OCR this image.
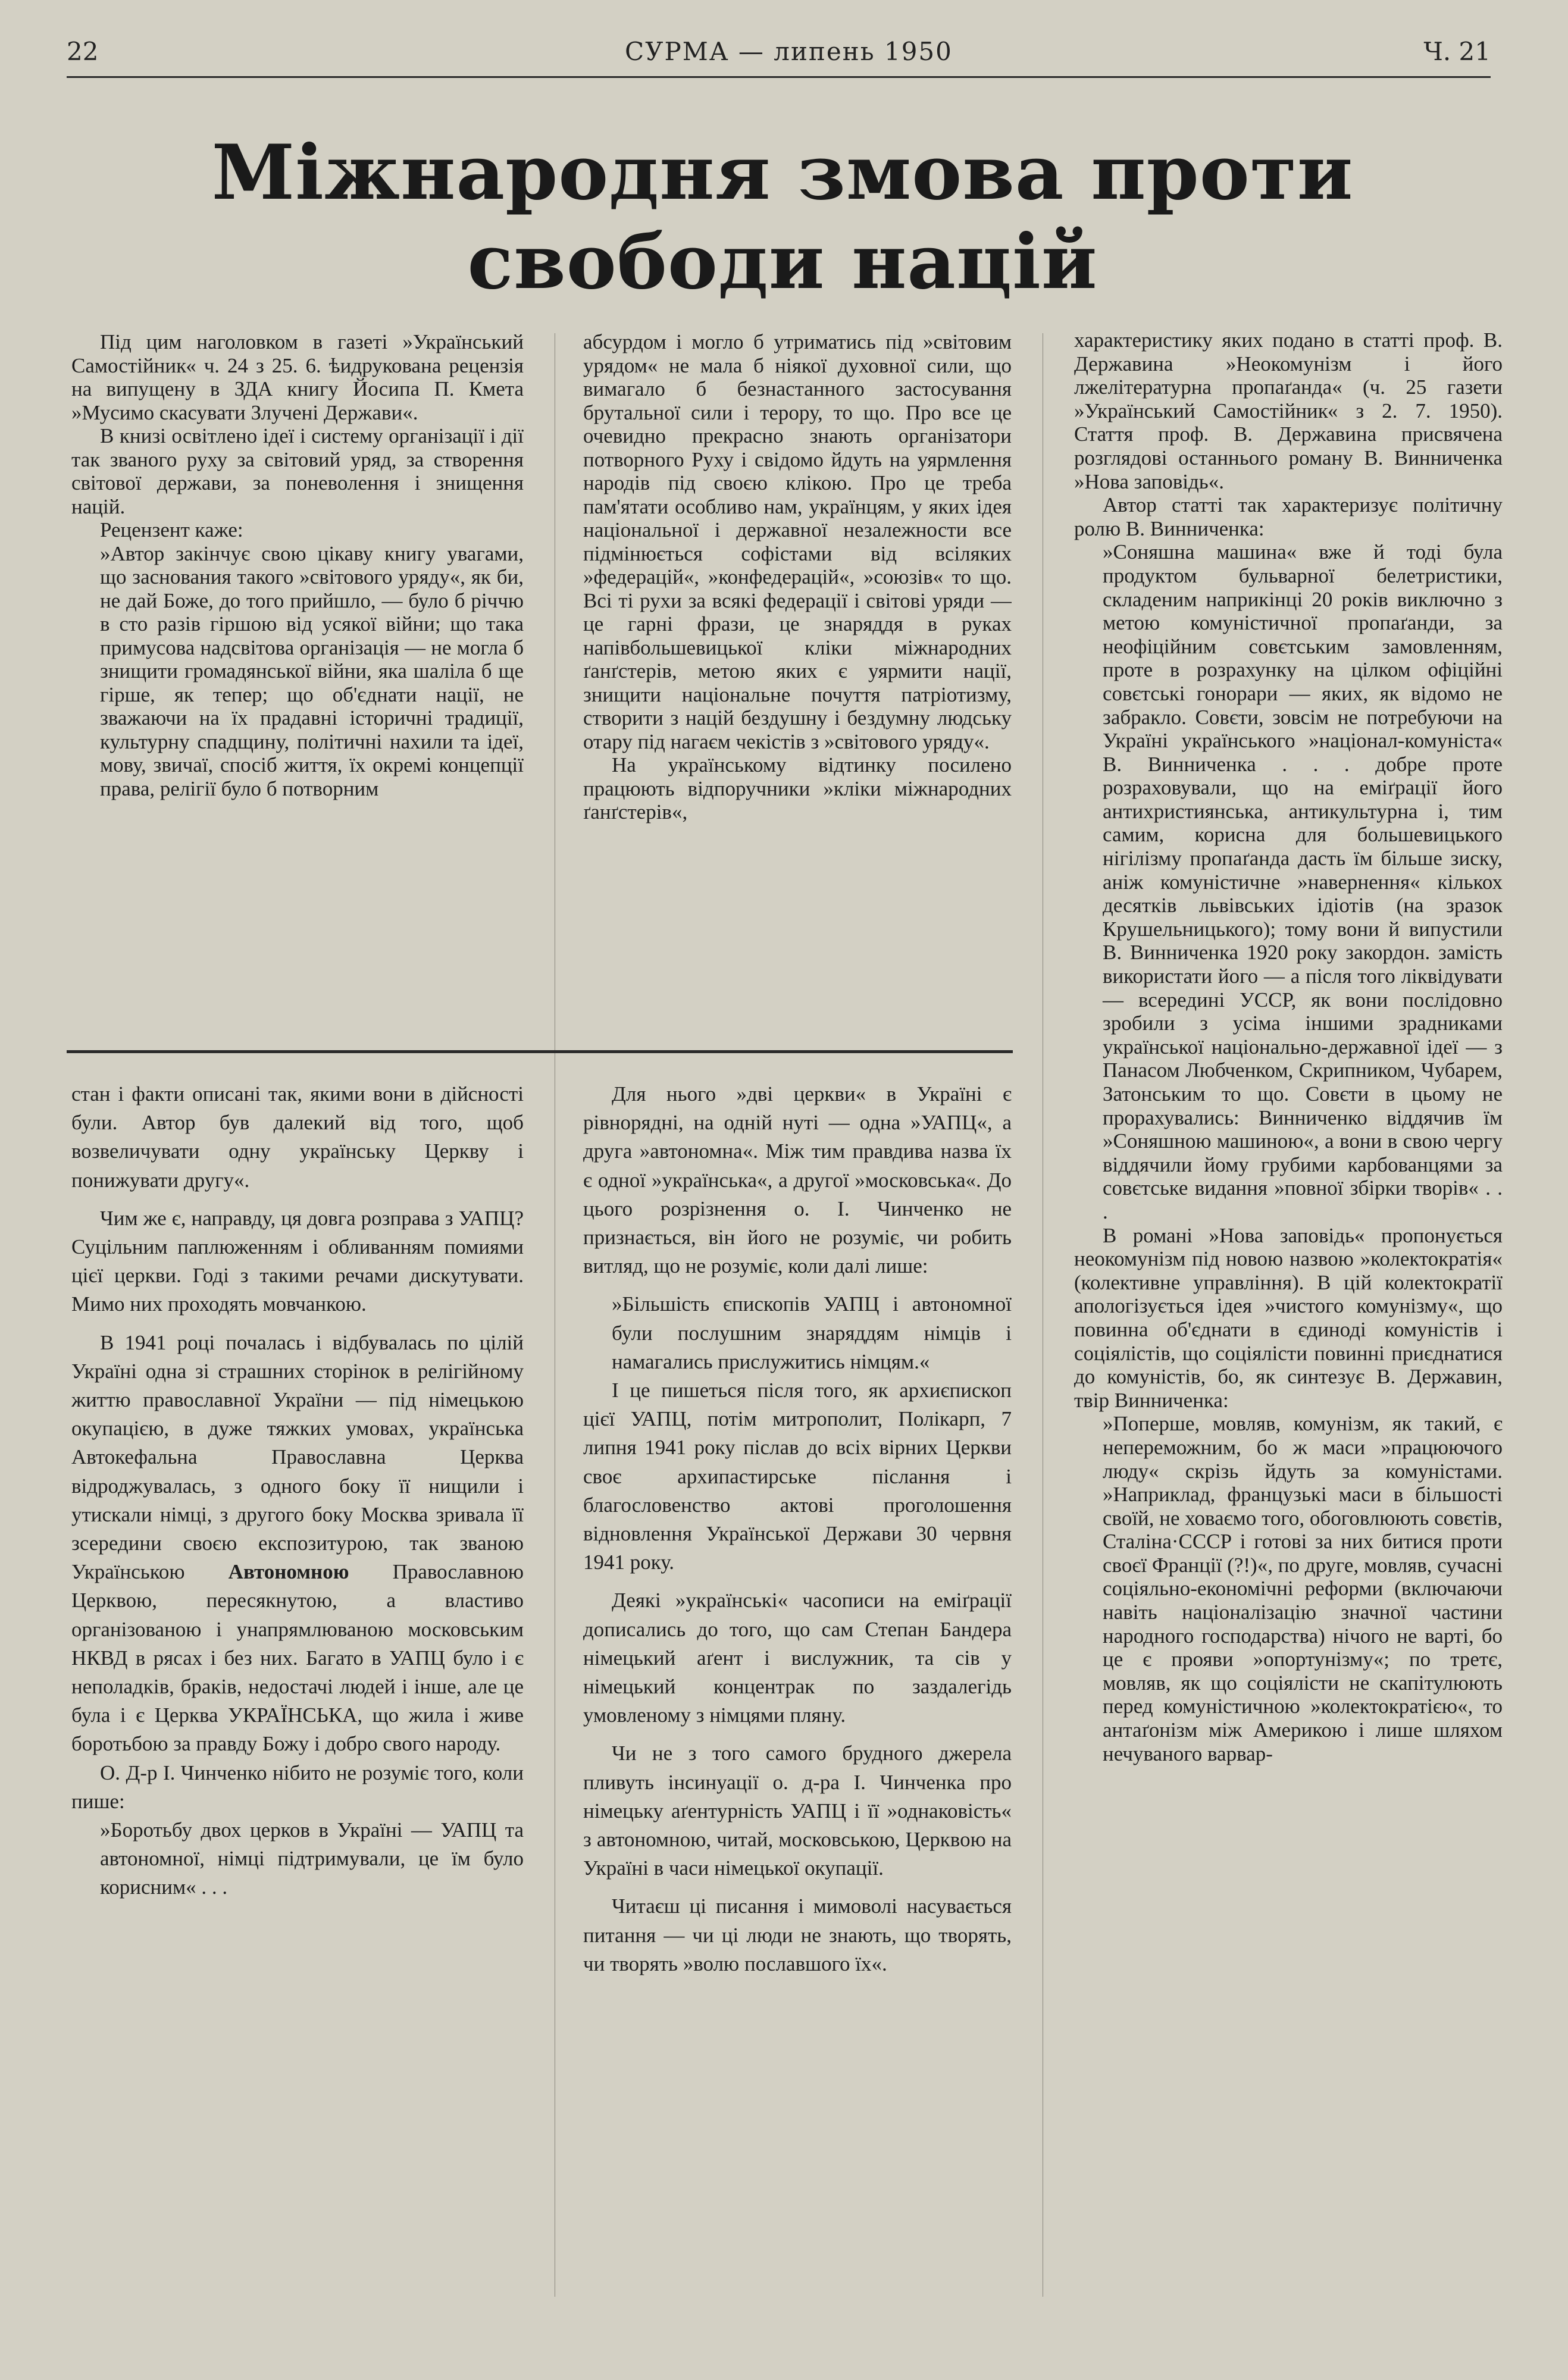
22	СУРМА — липень 1950	Ч. 21
Міжнародня змова проти
свободи націй

Під цим наголовком в газеті »Український Самостійник« ч. 24 з 25. 6. ѣидрукована рецензія на випущену в ЗДА книгу Йосипа П. Кмета »Мусимо скасувати Злучені Держави«.

В книзі освітлено ідеї і систему організації і дії так званого руху за світовий уряд, за створення світової держави, за поневолення і знищення націй.

Рецензент каже:

»Автор закінчує свою цікаву книгу увагами, що заснования такого »світового уряду«, як би, не дай Боже, до того прийшло, — було б річчю в сто разів гіршою від усякої війни; що така примусова надсвітова організація — не могла б знищити громадянської війни, яка шаліла б ще гірше, як тепер; що об'єднати нації, не зважаючи на їх прадавні історичні традиції, культурну спадщину, політичні нахили та ідеї, мову, звичаї, спосіб життя, їх окремі концепції права, релігії було б потворним

абсурдом і могло б утриматись під »світовим урядом« не мала б ніякої духовної сили, що вимагало б безнастанного застосування брутальної сили і терору, то що. Про все це очевидно прекрасно знають організатори потворного Руху і свідомо йдуть на уярмлення народів під своєю клікою. Про це треба пам'ятати особливо нам, українцям, у яких ідея національної і державної незалежности все підмінюється софістами від всіляких »федерацій«, »конфедерацій«, »союзів« то що. Всі ті рухи за всякі федерації і світові уряди — це гарні фрази, це знаряддя в руках напівбольшевицької кліки міжнародних ґанґстерів, метою яких є уярмити нації, знищити національне почуття патріотизму, створити з націй бездушну і бездумну людську отару під нагаєм чекістів з »світового уряду«.

На українському відтинку посилено працюють відпоручники »кліки міжнародних ґанґстерів«,

стан і факти описані так, якими вони в дійсності були. Автор був далекий від того, щоб возвеличувати одну українську Церкву і понижувати другу«.

Чим же є, направду, ця довга розправа з УАПЦ? Суцільним паплюженням і обливанням помиями цієї церкви. Годі з такими речами дискутувати. Мимо них проходять мовчанкою.

В 1941 році почалась і відбувалась по цілій Україні одна зі страшних сторінок в релігійному життю православної України — під німецькою окупацією, в дуже тяжких умовах, українська Автокефальна Православна Церква відроджувалась, з одного боку її нищили і утискали німці, з другого боку Москва зривала її зсередини своєю експозитурою, так званою Українською Автономною Православною Церквою, пересякнутою, а властиво організованою і унапрямлюваною московським НКВД в рясах і без них. Багато в УАПЦ було і є неполадків, браків, недостачі людей і інше, але це була і є Церква УКРАЇНСЬКА, що жила і живе боротьбою за правду Божу і добро свого народу.

О. Д-р І. Чинченко нібито не розуміє того, коли пише:

»Боротьбу двох церков в Україні — УАПЦ та автономної, німці підтримували, це їм було корисним« . . .

Для нього »дві церкви« в Україні є рівнорядні, на одній нуті — одна »УАПЦ«, а друга »автономна«. Між тим правдива назва їх є одної »українська«, а другої »московська«. До цього розрізнення о. І. Чинченко не признається, він його не розуміє, чи робить витляд, що не розуміє, коли далі лише:

»Більшість єпископів УАПЦ і автономної були послушним знаряддям німців і намагались прислужитись німцям.«

І це пишеться після того, як архиєпископ цієї УАПЦ, потім митрополит, Полікарп, 7 липня 1941 року післав до всіх вірних Церкви своє архипастирське післання і благословенство актові проголошення відновлення Української Держави 30 червня 1941 року.

Деякі »українські« часописи на еміґрації дописались до того, що сам Степан Бандера німецький аґент і вислужник, та сів у німецький концентрак по заздалегідь умовленому з німцями пляну.

Чи не з того самого брудного джерела пливуть інсинуації о. д-ра І. Чинченка про німецьку аґентурність УАПЦ і її »однаковість« з автономною, читай, московською, Церквою на Україні в часи німецької окупації.

Читаєш ці писання і мимоволі насувається питання — чи ці люди не знають, що творять, чи творять »волю пославшого їх«.

характеристику яких подано в статті проф. В. Державина »Неокомунізм і його лжелітературна пропаґанда« (ч. 25 газети »Український Самостійник« з 2. 7. 1950). Стаття проф. В. Державина присвячена розглядові останнього роману В. Винниченка »Нова заповідь«.

Автор статті так характеризує політичну ролю В. Винниченка:

»Соняшна машина« вже й тоді була продуктом бульварної белетристики, складеним наприкінці 20 років виключно з метою комуністичної пропаґанди, за неофіційним совєтським замовленням, проте в розрахунку на цілком офіційні совєтські гонорари — яких, як відомо не забракло. Совєти, зовсім не потребуючи на Україні українського »націонал-комуніста« В. Винниченка . . . добре проте розраховували, що на еміґрації його антихристиянська, антикультурна і, тим самим, корисна для большевицького нігілізму пропаґанда дасть їм більше зиску, аніж комуністичне »навернення« кількох десятків львівських ідіотів (на зразок Крушельницького); тому вони й випустили В. Винниченка 1920 року закордон. замість використати його — а після того ліквідувати — всередині УССР, як вони послідовно зробили з усіма іншими зрадниками української національно-державної ідеї — з Панасом Любченком, Скрипником, Чубарем, Затонським то що. Совєти в цьому не прорахувались: Винниченко віддячив їм »Соняшною машиною«, а вони в свою чергу віддячили йому грубими карбованцями за совєтське видання »повної збірки творів« . . .

В романі »Нова заповідь« пропонується неокомунізм під новою назвою »колектократія« (колективне управління). В цій колектократії апологізується ідея »чистого комунізму«, що повинна об'єднати в єдиноді комуністів і соціялістів, що соціялісти повинні приєднатися до комуністів, бо, як синтезує В. Державин, твір Винниченка:

»Поперше, мовляв, комунізм, як такий, є непереможним, бо ж маси »працюючого люду« скрізь йдуть за комуністами. »Наприклад, французькі маси в більшості своїй, не ховаємо того, обоговлюють совєтів, Сталіна·СССР і готові за них битися проти своєї Франції (?!)«, по друге, мовляв, сучасні соціяльно-економічні реформи (включаючи навіть націоналізацію значної частини народного господарства) нічого не варті, бо це є прояви »опортунізму«; по третє, мовляв, як що соціялісти не скапітулюють перед комуністичною »колектократією«, то антаґонізм між Америкою і лише шляхом нечуваного варвар-
